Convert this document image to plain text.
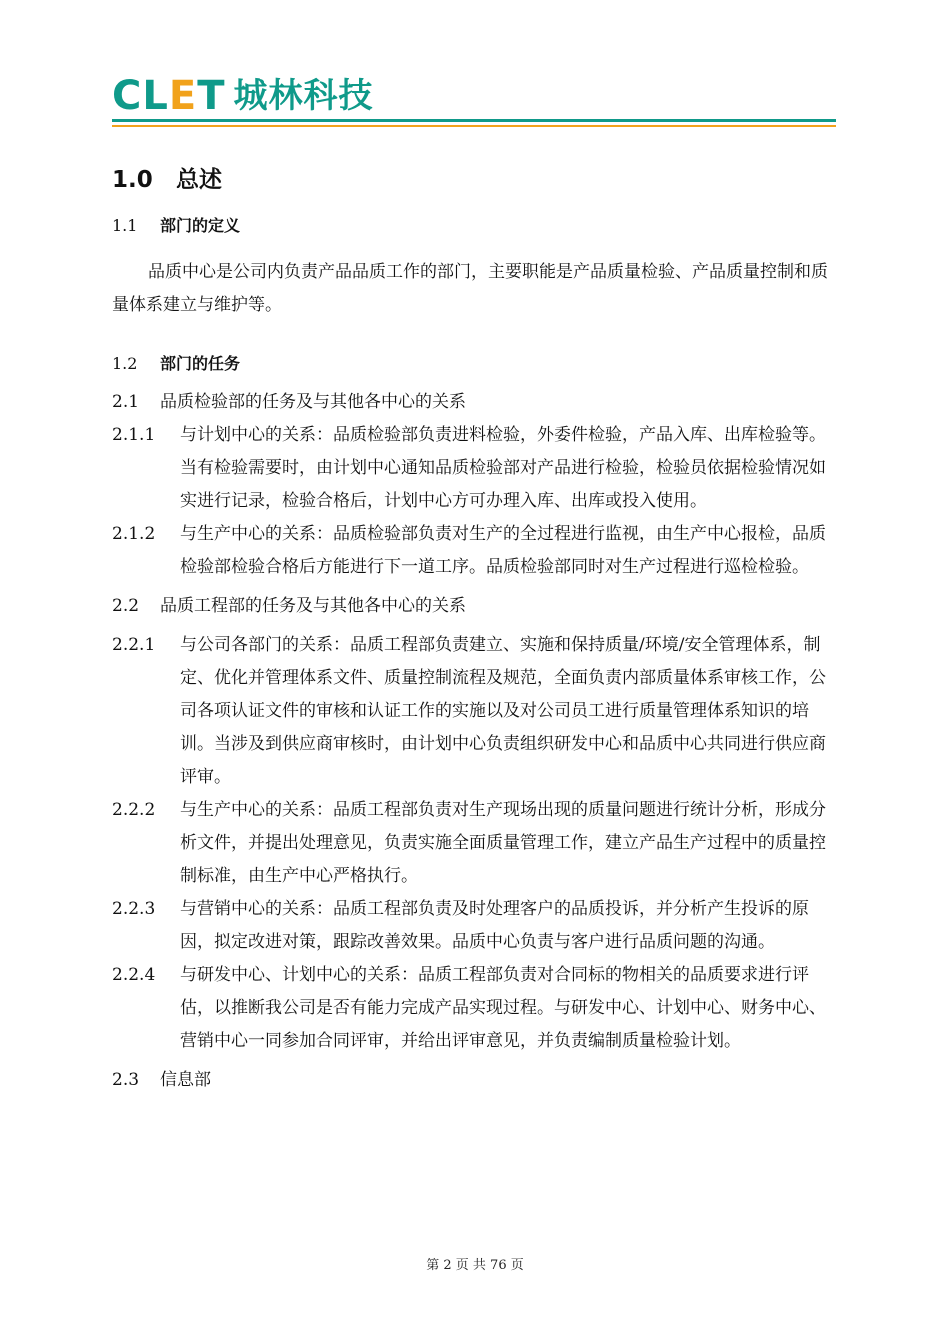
C L E T 城林科技
1.0 总述
1.1 部门的定义
品质中心是公司内负责产品品质工作的部门，主要职能是产品质量检验、产品质量控制和质量体系建立与维护等。
1.2 部门的任务
2.1 品质检验部的任务及与其他各中心的关系
2.1.1 与计划中心的关系：品质检验部负责进料检验，外委件检验，产品入库、出库检验等。当有检验需要时，由计划中心通知品质检验部对产品进行检验，检验员依据检验情况如实进行记录，检验合格后，计划中心方可办理入库、出库或投入使用。
2.1.2 与生产中心的关系：品质检验部负责对生产的全过程进行监视，由生产中心报检，品质检验部检验合格后方能进行下一道工序。品质检验部同时对生产过程进行巡检检验。
2.2 品质工程部的任务及与其他各中心的关系
2.2.1 与公司各部门的关系：品质工程部负责建立、实施和保持质量/环境/安全管理体系，制定、优化并管理体系文件、质量控制流程及规范，全面负责内部质量体系审核工作，公司各项认证文件的审核和认证工作的实施以及对公司员工进行质量管理体系知识的培训。当涉及到供应商审核时，由计划中心负责组织研发中心和品质中心共同进行供应商评审。
2.2.2 与生产中心的关系：品质工程部负责对生产现场出现的质量问题进行统计分析，形成分析文件，并提出处理意见，负责实施全面质量管理工作，建立产品生产过程中的质量控制标准，由生产中心严格执行。
2.2.3 与营销中心的关系：品质工程部负责及时处理客户的品质投诉，并分析产生投诉的原因，拟定改进对策，跟踪改善效果。品质中心负责与客户进行品质问题的沟通。
2.2.4 与研发中心、计划中心的关系：品质工程部负责对合同标的物相关的品质要求进行评估，以推断我公司是否有能力完成产品实现过程。与研发中心、计划中心、财务中心、营销中心一同参加合同评审，并给出评审意见，并负责编制质量检验计划。
2.3 信息部
第 2 页 共 76 页
